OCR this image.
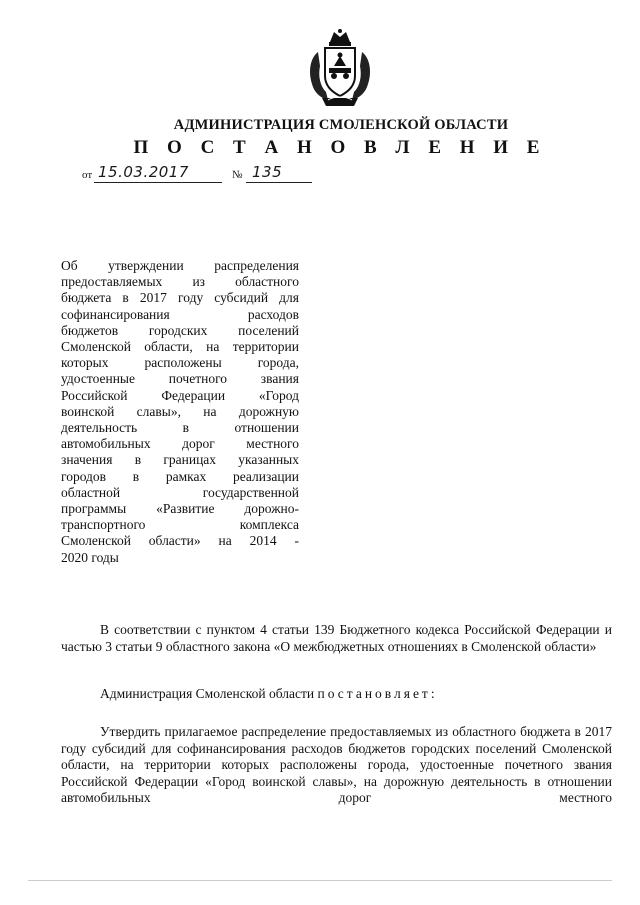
АДМИНИСТРАЦИЯ СМОЛЕНСКОЙ ОБЛАСТИ
П О С Т А Н О В Л Е Н И Е
от 15.03.2017	№ 135
Об утверждении распределения
предоставляемых из областного
бюджета в 2017 году субсидий для
софинансирования расходов
бюджетов городских поселений
Смоленской области, на территории
которых расположены города,
удостоенные почетного звания
Российской Федерации «Город
воинской славы», на дорожную
деятельность в отношении
автомобильных дорог местного
значения в границах указанных
городов в рамках реализации
областной государственной
программы «Развитие дорожно-
транспортного комплекса
Смоленской области» на 2014 -
2020 годы
В соответствии с пунктом 4 статьи 139 Бюджетного кодекса Российской Федерации и частью 3 статьи 9 областного закона «О межбюджетных отношениях в Смоленской области»
Администрация Смоленской области постановляет:
Утвердить прилагаемое распределение предоставляемых из областного бюджета в 2017 году субсидий для софинансирования расходов бюджетов городских поселений Смоленской области, на территории которых расположены города, удостоенные почетного звания Российской Федерации «Город воинской славы», на дорожную деятельность в отношении автомобильных дорог местного
